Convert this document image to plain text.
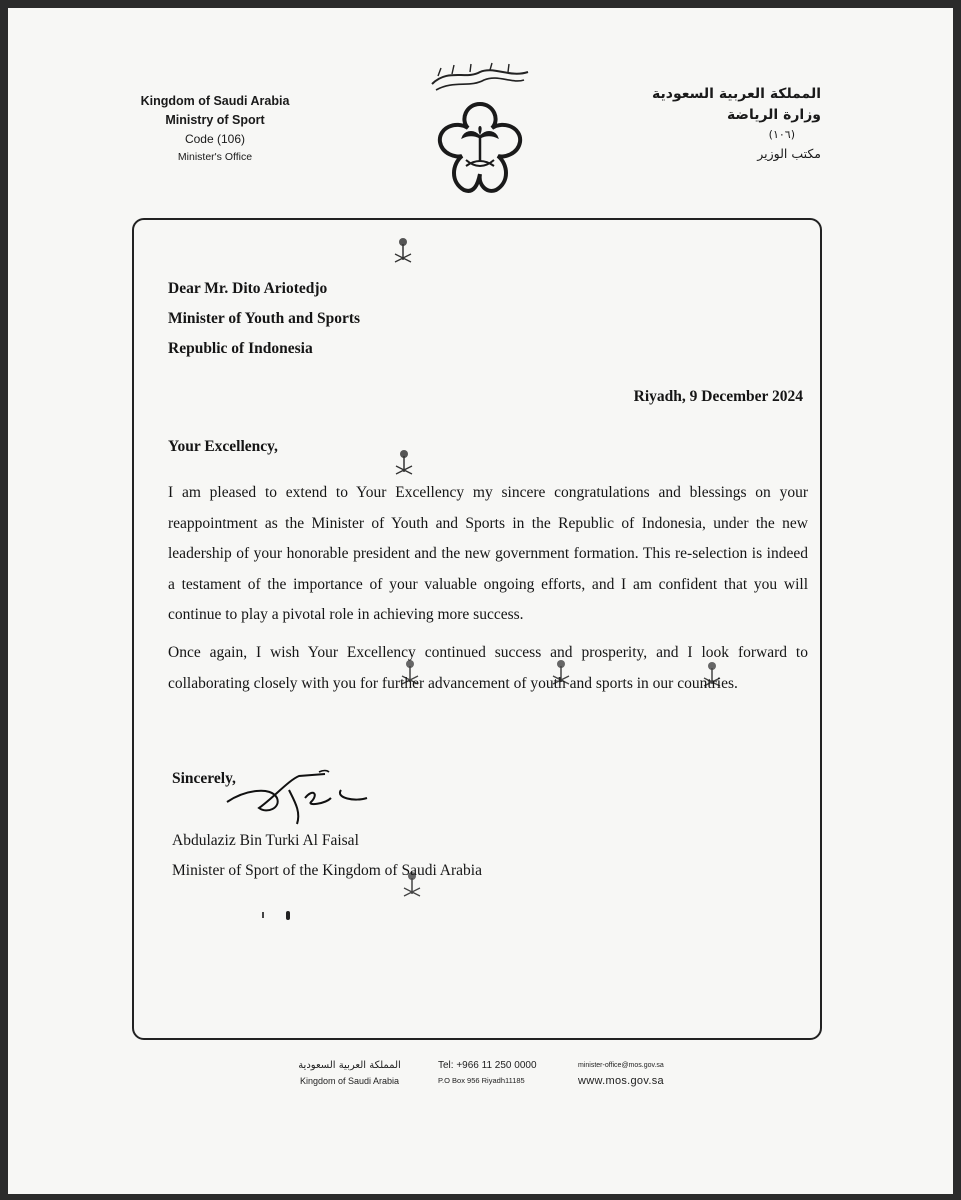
Kingdom of Saudi Arabia
Ministry of Sport
Code (106)
Minister's Office
المملكة العربية السعودية
وزارة الرياضة
(١٠٦)
مكتب الوزير
Dear Mr. Dito Ariotedjo
Minister of Youth and Sports
Republic of Indonesia
Riyadh, 9 December 2024
Your Excellency,
I am pleased to extend to Your Excellency my sincere congratulations and blessings on your reappointment as the Minister of Youth and Sports in the Republic of Indonesia, under the new leadership of your honorable president and the new government formation. This re-selection is indeed a testament of the importance of your valuable ongoing efforts, and I am confident that you will continue to play a pivotal role in achieving more success.
Once again, I wish Your Excellency continued success and prosperity, and I look forward to collaborating closely with you for further advancement of youth and sports in our countries.
Sincerely,
Abdulaziz Bin Turki Al Faisal
Minister of Sport of the Kingdom of Saudi Arabia
المملكة العربية السعودية
Kingdom of Saudi Arabia
Tel: +966 11 250 0000
P.O Box 956 Riyadh11185
minister-office@mos.gov.sa
www.mos.gov.sa
